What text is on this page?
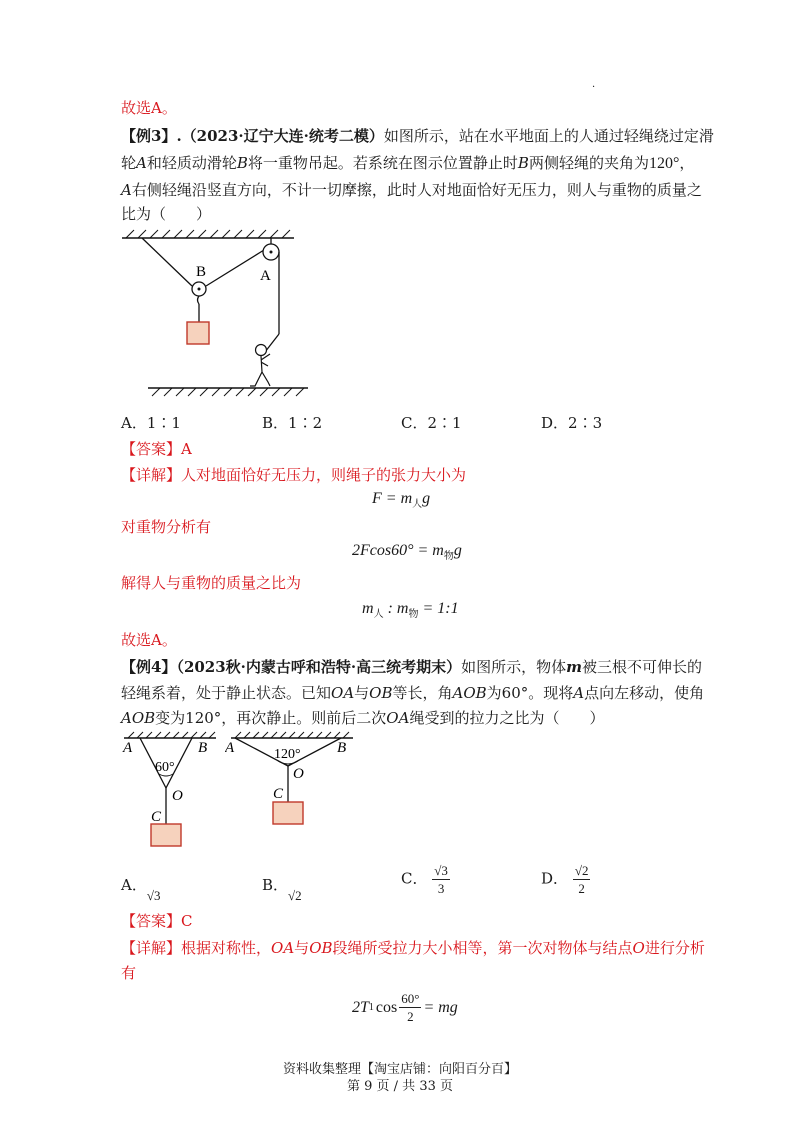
·
故选A。
【例3】.（2023·辽宁大连·统考二模）如图所示，站在水平地面上的人通过轻绳绕过定滑
轮A和轻质动滑轮B将一重物吊起。若系统在图示位置静止时B两侧轻绳的夹角为120°，
A右侧轻绳沿竖直方向，不计一切摩擦，此时人对地面恰好无压力，则人与重物的质量之
比为（　　）
B	A
A．1∶1	B．1∶2	C．2∶1	D．2∶3
【答案】A
【详解】人对地面恰好无压力，则绳子的张力大小为
$F = m_人g$
对重物分析有
$2Fcos60^\circ = m_物g$
解得人与重物的质量之比为
$m_人$ : $m_物$ = 1:1
故选A。
【例4】（2023秋·内蒙古呼和浩特·高三统考期末）如图所示，物体m被三根不可伸长的
轻绳系着，处于静止状态。已知OA与OB等长，角AOB为60°。现将A点向左移动，使角
AOB变为120°，再次静止。则前后二次OA绳受到的拉力之比为（　　）
A	B
60°
O
C
A	B
120°
O
C
A．√3
B．√2
C． $\frac{√3}{3}$	D． $\frac{√2}{2}$
【答案】C
【详解】根据对称性，OA与OB段绳所受拉力大小相等，第一次对物体与结点O进行分析
有
2T 1 $\cos \frac{60^\circ}{2}$ = mg
资料收集整理【淘宝店铺：向阳百分百】
第 9 页 / 共 33 页
